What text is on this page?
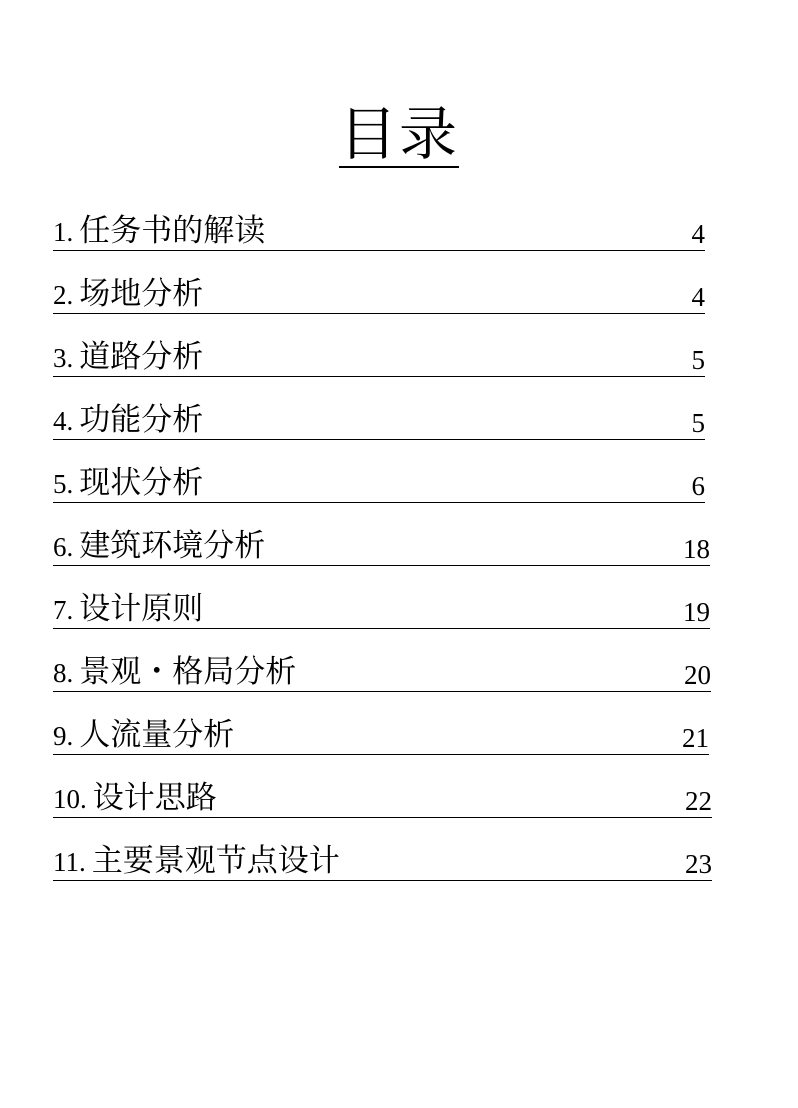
目录
1. 任务书的解读	4
2. 场地分析	4
3. 道路分析	5
4. 功能分析	5
5. 现状分析	6
6. 建筑环境分析	18
7. 设计原则	19
8. 景观・格局分析	20
9. 人流量分析	21
10. 设计思路	22
11. 主要景观节点设计	23
